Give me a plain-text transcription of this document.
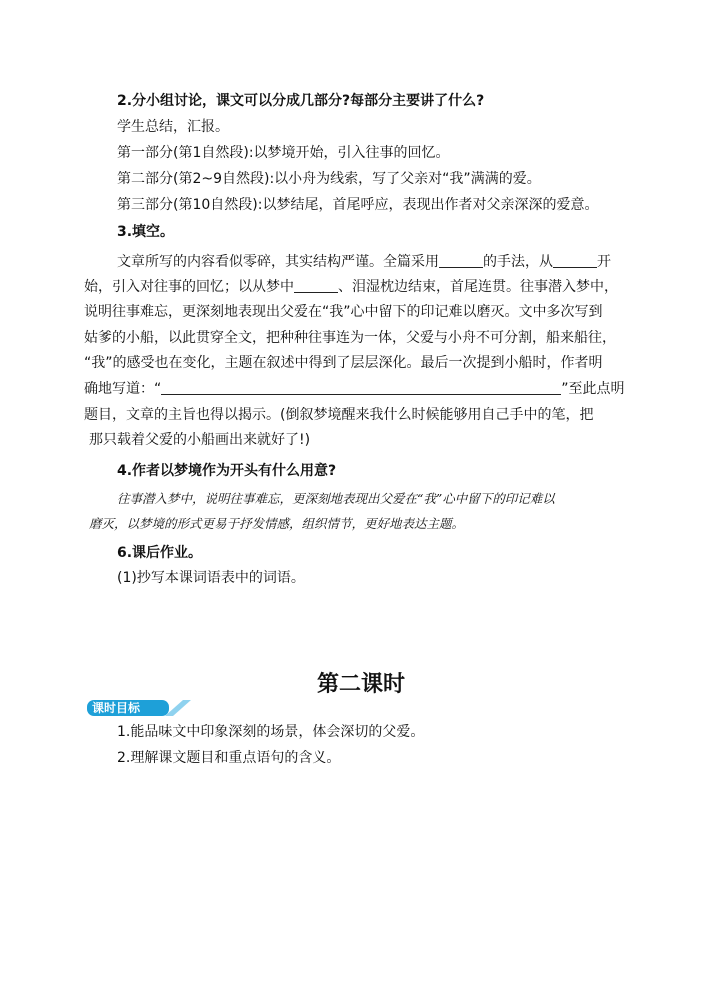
2.分小组讨论，课文可以分成几部分?每部分主要讲了什么?
学生总结，汇报。
第一部分(第1自然段):以梦境开始，引入往事的回忆。
第二部分(第2~9自然段):以小舟为线索，写了父亲对“我”满满的爱。
第三部分(第10自然段):以梦结尾，首尾呼应，表现出作者对父亲深深的爱意。
3.填空。
文章所写的内容看似零碎，其实结构严谨。全篇采用	的手法，从	开
始，引入对往事的回忆；以从梦中	、泪湿枕边结束，首尾连贯。往事潜入梦中，
说明往事难忘，更深刻地表现出父爱在“我”心中留下的印记难以磨灭。文中多次写到
姑爹的小船，以此贯穿全文，把种种往事连为一体，父爱与小舟不可分割，船来船往，
“我”的感受也在变化，主题在叙述中得到了层层深化。最后一次提到小船时，作者明
确地写道：“	”至此点明
题目，文章的主旨也得以揭示。(倒叙梦境醒来我什么时候能够用自己手中的笔，把
那只载着父爱的小船画出来就好了!)
4.作者以梦境作为开头有什么用意?
往事潜入梦中，说明往事难忘，更深刻地表现出父爱在“我”心中留下的印记难以
磨灭，以梦境的形式更易于抒发情感，组织情节，更好地表达主题。
6.课后作业。
(1)抄写本课词语表中的词语。
第二课时
课时目标
1.能品味文中印象深刻的场景，体会深切的父爱。
2.理解课文题目和重点语句的含义。
